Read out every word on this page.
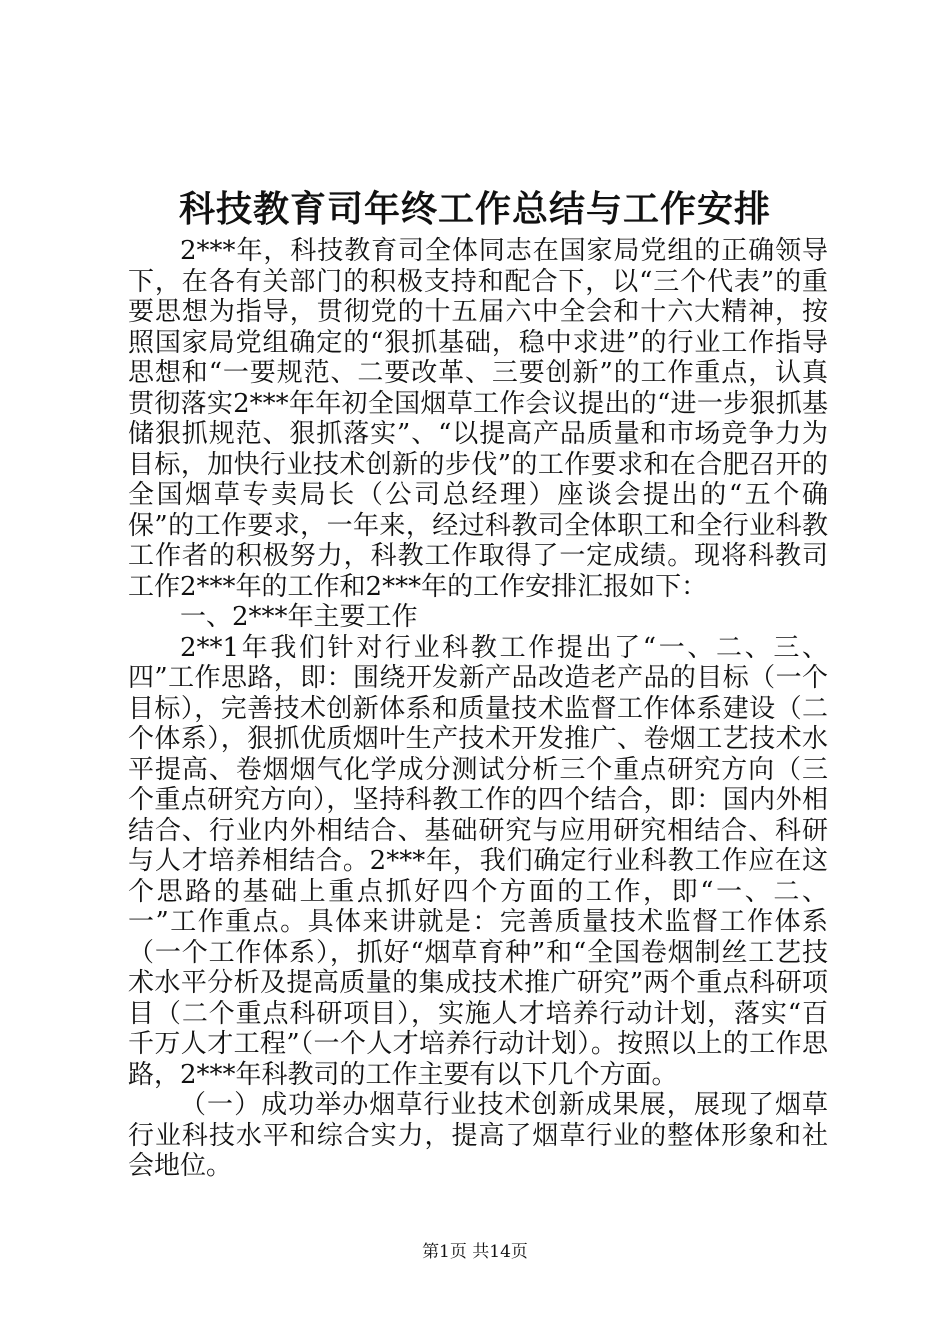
科技教育司年终工作总结与工作安排

2***年，科技教育司全体同志在国家局党组的正确领导下，在各有关部门的积极支持和配合下，以“三个代表”的重要思想为指导，贯彻党的十五届六中全会和十六大精神，按照国家局党组确定的“狠抓基础，稳中求进”的行业工作指导思想和“一要规范、二要改革、三要创新”的工作重点，认真贯彻落实2***年年初全国烟草工作会议提出的“进一步狠抓基储狠抓规范、狠抓落实”、“以提高产品质量和市场竞争力为目标，加快行业技术创新的步伐”的工作要求和在合肥召开的全国烟草专卖局长（公司总经理）座谈会提出的“五个确保”的工作要求，一年来，经过科教司全体职工和全行业科教工作者的积极努力，科教工作取得了一定成绩。现将科教司工作2***年的工作和2***年的工作安排汇报如下：

一、2***年主要工作

2**1年我们针对行业科教工作提出了“一、二、三、四”工作思路，即：围绕开发新产品改造老产品的目标（一个目标），完善技术创新体系和质量技术监督工作体系建设（二个体系），狠抓优质烟叶生产技术开发推广、卷烟工艺技术水平提高、卷烟烟气化学成分测试分析三个重点研究方向（三个重点研究方向），坚持科教工作的四个结合，即：国内外相结合、行业内外相结合、基础研究与应用研究相结合、科研与人才培养相结合。2***年，我们确定行业科教工作应在这个思路的基础上重点抓好四个方面的工作，即“一、二、一”工作重点。具体来讲就是：完善质量技术监督工作体系（一个工作体系），抓好“烟草育种”和“全国卷烟制丝工艺技术水平分析及提高质量的集成技术推广研究”两个重点科研项目（二个重点科研项目），实施人才培养行动计划，落实“百千万人才工程”（一个人才培养行动计划）。按照以上的工作思路，2***年科教司的工作主要有以下几个方面。

（一）成功举办烟草行业技术创新成果展，展现了烟草行业科技水平和综合实力，提高了烟草行业的整体形象和社会地位。

第1页 共14页
